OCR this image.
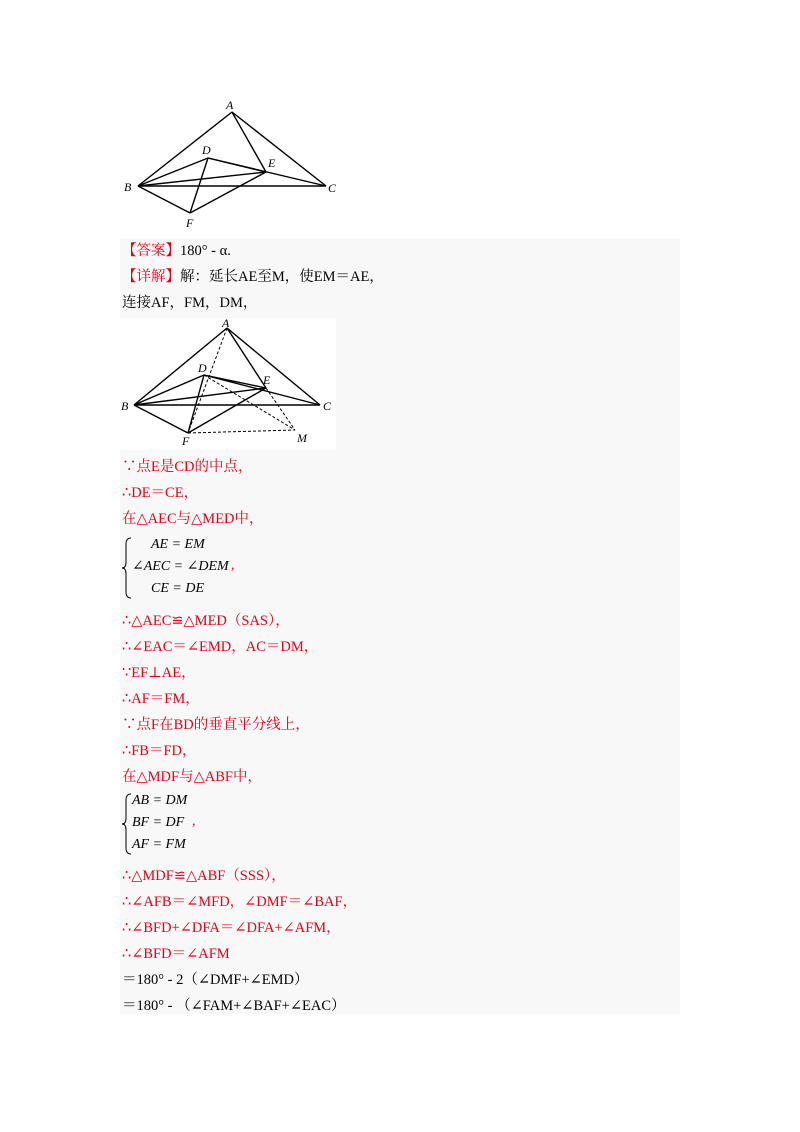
A
B	C
D
E
F
【答案】180° - α.
【详解】解：延长AE至M，使EM＝AE，
连接AF，FM，DM，
A
B	C
D
E
F	M
∵点E是CD的中点，
∴DE＝CE，
在△AEC与△MED中，
AE = EM
∠AEC = ∠DEM
CE = DE
,
∴△AEC≌△MED（SAS），
∴∠EAC＝∠EMD，AC＝DM，
∵EF⊥AE，
∴AF＝FM，
∵点F在BD的垂直平分线上，
∴FB＝FD，
在△MDF与△ABF中，
AB = DM
BF = DF
AF = FM
,
∴△MDF≌△ABF（SSS），
∴∠AFB＝∠MFD，∠DMF＝∠BAF，
∴∠BFD+∠DFA＝∠DFA+∠AFM，
∴∠BFD＝∠AFM
＝180° - 2（∠DMF+∠EMD）
＝180° - （∠FAM+∠BAF+∠EAC）
